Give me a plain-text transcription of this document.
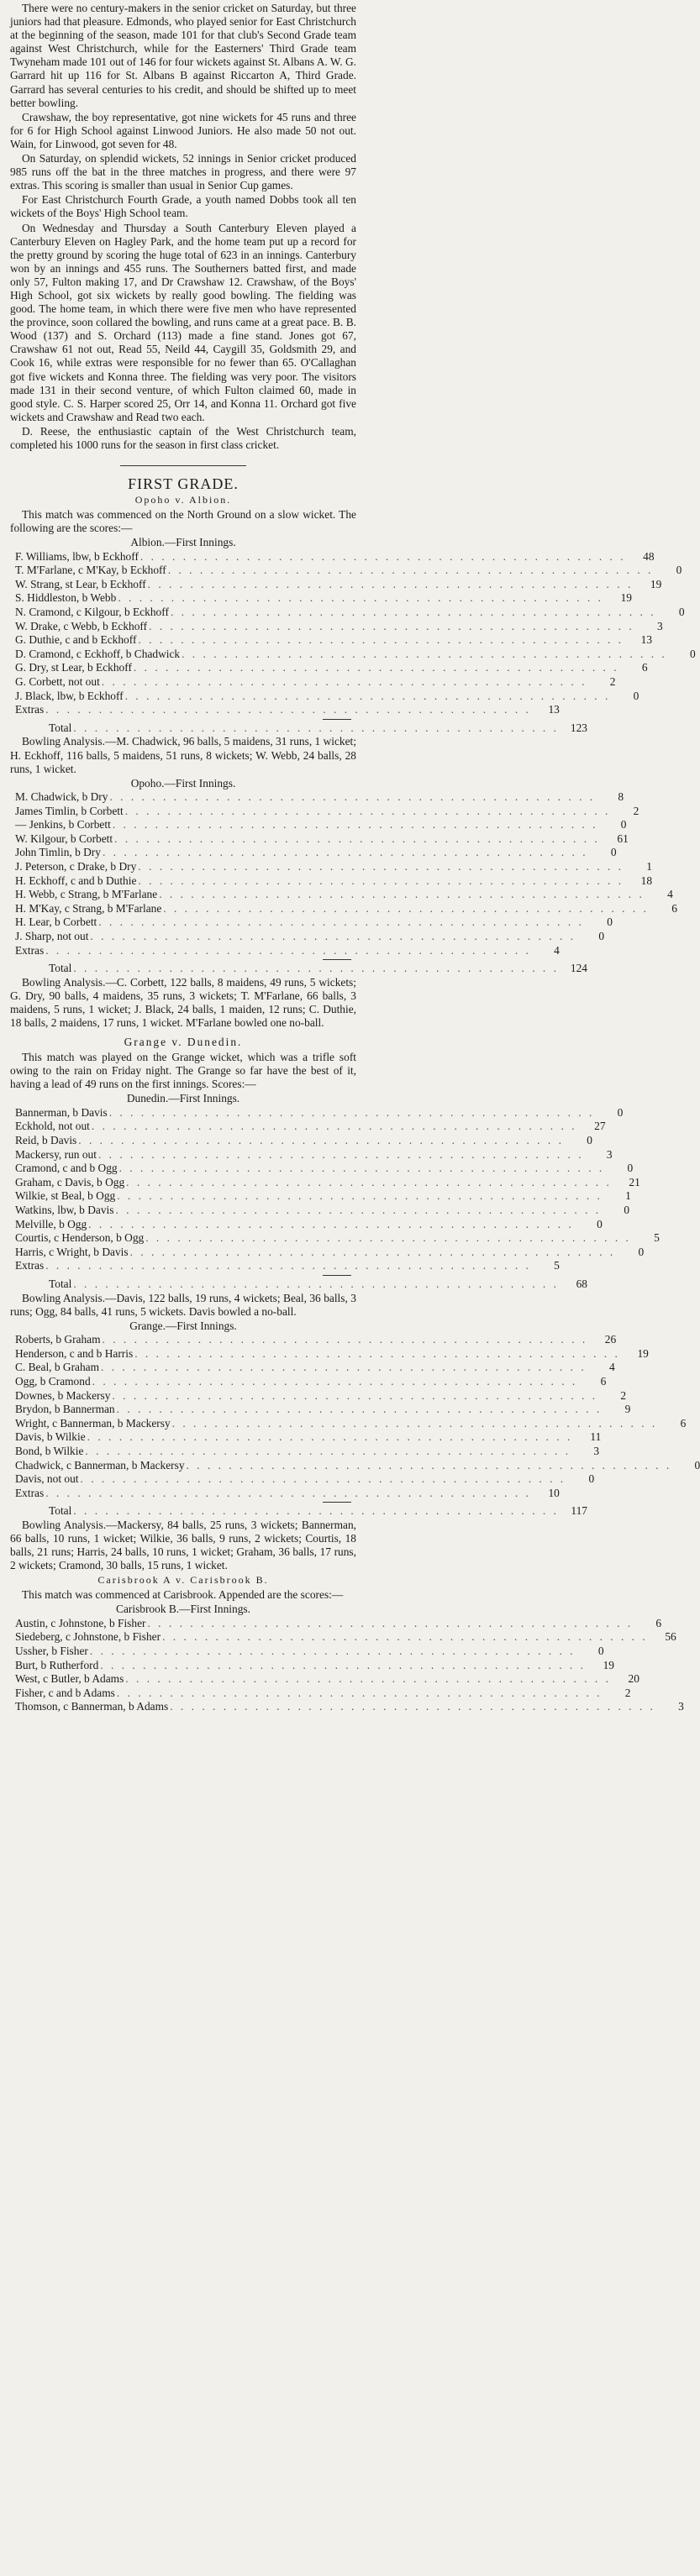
There were no century-makers in the senior cricket on Saturday, but three juniors had that pleasure. Edmonds, who played senior for East Christchurch at the beginning of the season, made 101 for that club's Second Grade team against West Christchurch, while for the Easterners' Third Grade team Twyneham made 101 out of 146 for four wickets against St. Albans A. W. G. Garrard hit up 116 for St. Albans B against Riccarton A, Third Grade. Garrard has several centuries to his credit, and should be shifted up to meet better bowling.

Crawshaw, the boy representative, got nine wickets for 45 runs and three for 6 for High School against Linwood Juniors. He also made 50 not out. Wain, for Linwood, got seven for 48.

On Saturday, on splendid wickets, 52 innings in Senior cricket produced 985 runs off the bat in the three matches in progress, and there were 97 extras. This scoring is smaller than usual in Senior Cup games.

For East Christchurch Fourth Grade, a youth named Dobbs took all ten wickets of the Boys' High School team.

On Wednesday and Thursday a South Canterbury Eleven played a Canterbury Eleven on Hagley Park, and the home team put up a record for the pretty ground by scoring the huge total of 623 in an innings. Canterbury won by an innings and 455 runs. The Southerners batted first, and made only 57, Fulton making 17, and Dr Crawshaw 12. Crawshaw, of the Boys' High School, got six wickets by really good bowling. The fielding was good. The home team, in which there were five men who have represented the province, soon collared the bowling, and runs came at a great pace. B. B. Wood (137) and S. Orchard (113) made a fine stand. Jones got 67, Crawshaw 61 not out, Read 55, Neild 44, Caygill 35, Goldsmith 29, and Cook 16, while extras were responsible for no fewer than 65. O'Callaghan got five wickets and Konna three. The fielding was very poor. The visitors made 131 in their second venture, of which Fulton claimed 60, made in good style. C. S. Harper scored 25, Orr 14, and Konna 11. Orchard got five wickets and Crawshaw and Read two each.

D. Reese, the enthusiastic captain of the West Christchurch team, completed his 1000 runs for the season in first class cricket.

FIRST GRADE.
Opoho v. Albion.

This match was commenced on the North Ground on a slow wicket. The following are the scores:—

Albion.—First Innings.
F. Williams, lbw, b Eckhoff . . .	48
T. M'Farlane, c M'Kay, b Eckhoff . . .	0
W. Strang, st Lear, b Eckhoff . . .	19
S. Hiddleston, b Webb . . .	19
N. Cramond, c Kilgour, b Eckhoff . . .	0
W. Drake, c Webb, b Eckhoff . . .	3
G. Duthie, c and b Eckhoff . . .	13
D. Cramond, c Eckhoff, b Chadwick . . .	0
G. Dry, st Lear, b Eckhoff . . .	6
G. Corbett, not out . . .	2
J. Black, lbw, b Eckhoff . . .	0
Extras . . .	13
Total . . .	123

Bowling Analysis.—M. Chadwick, 96 balls, 5 maidens, 31 runs, 1 wicket; H. Eckhoff, 116 balls, 5 maidens, 51 runs, 8 wickets; W. Webb, 24 balls, 28 runs, 1 wicket.

Opoho.—First Innings.
M. Chadwick, b Dry . . .	8
James Timlin, b Corbett . . .	2
— Jenkins, b Corbett . . .	0
W. Kilgour, b Corbett . . .	61
John Timlin, b Dry . . .	0
J. Peterson, c Drake, b Dry . . .	1
H. Eckhoff, c and b Duthie . . .	18
H. Webb, c Strang, b M'Farlane . . .	4
H. M'Kay, c Strang, b M'Farlane . . .	6
H. Lear, b Corbett . . .	0
J. Sharp, not out . . .	0
Extras . . .	4
Total . . .	124

Bowling Analysis.—C. Corbett, 122 balls, 8 maidens, 49 runs, 5 wickets; G. Dry, 90 balls, 4 maidens, 35 runs, 3 wickets; T. M'Farlane, 66 balls, 3 maidens, 5 runs, 1 wicket; J. Black, 24 balls, 1 maiden, 12 runs; C. Duthie, 18 balls, 2 maidens, 17 runs, 1 wicket. M'Farlane bowled one no-ball.

Grange v. Dunedin.

This match was played on the Grange wicket, which was a trifle soft owing to the rain on Friday night. The Grange so far have the best of it, having a lead of 49 runs on the first innings. Scores:—

Dunedin.—First Innings.
Bannerman, b Davis . . .	0
Eckhold, not out . . .	27
Reid, b Davis . . .	0
Mackersy, run out . . .	3
Cramond, c and b Ogg . . .	0
Graham, c Davis, b Ogg . . .	21
Wilkie, st Beal, b Ogg . . .	1
Watkins, lbw, b Davis . . .	0
Melville, b Ogg . . .	0
Courtis, c Henderson, b Ogg . . .	5
Harris, c Wright, b Davis . . .	0
Extras . . .	5
Total . . .	68

Bowling Analysis.—Davis, 122 balls, 19 runs, 4 wickets; Beal, 36 balls, 3 runs; Ogg, 84 balls, 41 runs, 5 wickets. Davis bowled a no-ball.

Grange.—First Innings.
Roberts, b Graham . . .	26
Henderson, c and b Harris . . .	19
C. Beal, b Graham . . .	4
Ogg, b Cramond . . .	6
Downes, b Mackersy . . .	2
Brydon, b Bannerman . . .	9
Wright, c Bannerman, b Mackersy . . .	6
Davis, b Wilkie . . .	11
Bond, b Wilkie . . .	3
Chadwick, c Bannerman, b Mackersy . . .	0
Davis, not out . . .	0
Extras . . .	10
Total . . .	117

Bowling Analysis.—Mackersy, 84 balls, 25 runs, 3 wickets; Bannerman, 66 balls, 10 runs, 1 wicket; Wilkie, 36 balls, 9 runs, 2 wickets; Courtis, 18 balls, 21 runs; Harris, 24 balls, 10 runs, 1 wicket; Graham, 36 balls, 17 runs, 2 wickets; Cramond, 30 balls, 15 runs, 1 wicket.

Carisbrook A v. Carisbrook B.

This match was commenced at Carisbrook. Appended are the scores:—

Carisbrook B.—First Innings.
Austin, c Johnstone, b Fisher . . .	6
Siedeberg, c Johnstone, b Fisher . . .	56
Ussher, b Fisher . . .	0
Burt, b Rutherford . . .	19
West, c Butler, b Adams . . .	20
Fisher, c and b Adams . . .	2
Thomson, c Bannerman, b Adams . . .	3
